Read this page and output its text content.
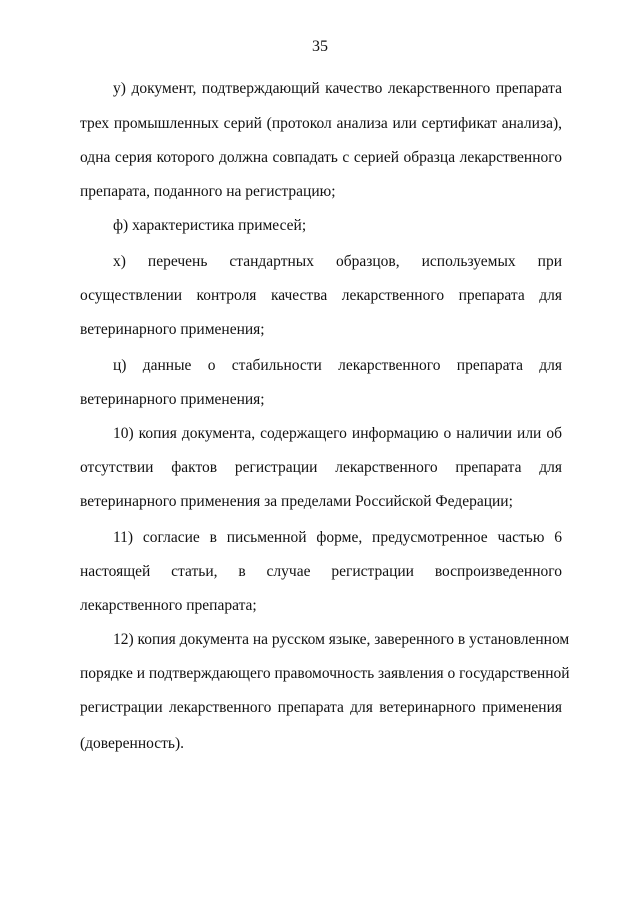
35
у) документ, подтверждающий качество лекарственного препарата
трех промышленных серий (протокол анализа или сертификат анализа),
одна серия которого должна совпадать с серией образца лекарственного
препарата, поданного на регистрацию;
ф) характеристика примесей;
х) перечень стандартных образцов, используемых при
осуществлении контроля качества лекарственного препарата для
ветеринарного применения;
ц) данные о стабильности лекарственного препарата для
ветеринарного применения;
10) копия документа, содержащего информацию о наличии или об
отсутствии фактов регистрации лекарственного препарата для
ветеринарного применения за пределами Российской Федерации;
11) согласие в письменной форме, предусмотренное частью 6
настоящей статьи, в случае регистрации воспроизведенного
лекарственного препарата;
12) копия документа на русском языке, заверенного в установленном
порядке и подтверждающего правомочность заявления о государственной
регистрации лекарственного препарата для ветеринарного применения
(доверенность).
